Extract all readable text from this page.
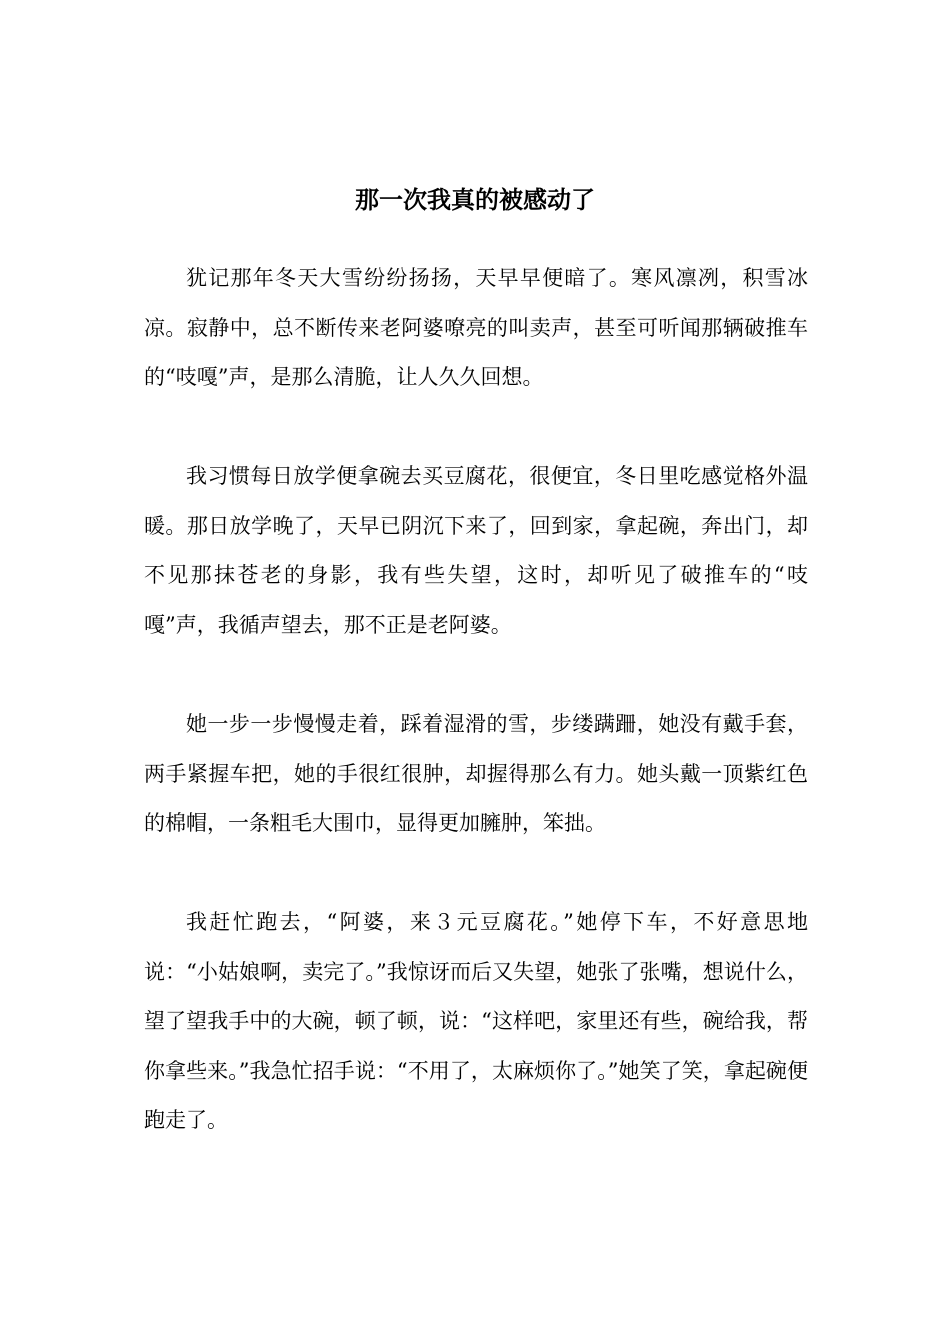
那一次我真的被感动了

犹记那年冬天大雪纷纷扬扬，天早早便暗了。寒风凛冽，积雪冰凉。寂静中，总不断传来老阿婆嘹亮的叫卖声，甚至可听闻那辆破推车的“吱嘎”声，是那么清脆，让人久久回想。

我习惯每日放学便拿碗去买豆腐花，很便宜，冬日里吃感觉格外温暖。那日放学晚了，天早已阴沉下来了，回到家，拿起碗，奔出门，却不见那抹苍老的身影，我有些失望，这时，却听见了破推车的“吱嘎”声，我循声望去，那不正是老阿婆。

她一步一步慢慢走着，踩着湿滑的雪，步缕蹒跚，她没有戴手套，两手紧握车把，她的手很红很肿，却握得那么有力。她头戴一顶紫红色的棉帽，一条粗毛大围巾，显得更加臃肿，笨拙。

我赶忙跑去，“阿婆，来３元豆腐花。”她停下车，不好意思地说：“小姑娘啊，卖完了。”我惊讶而后又失望，她张了张嘴，想说什么，望了望我手中的大碗，顿了顿，说：“这样吧，家里还有些，碗给我，帮你拿些来。”我急忙招手说：“不用了，太麻烦你了。”她笑了笑，拿起碗便跑走了。
